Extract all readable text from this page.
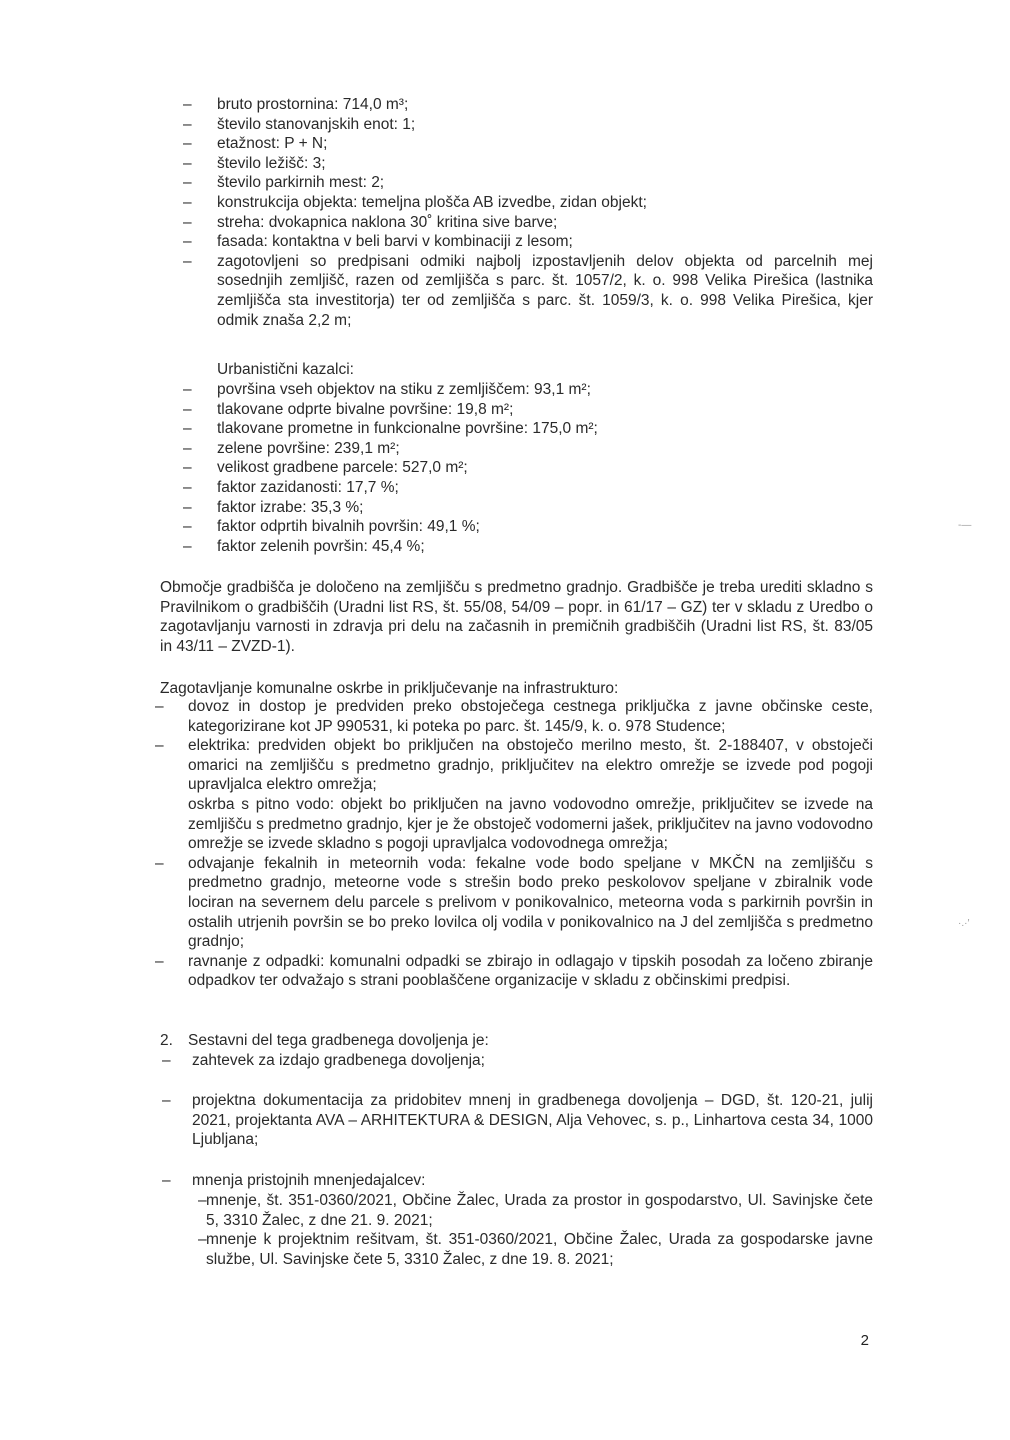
– bruto prostornina: 714,0 m³;
– število stanovanjskih enot: 1;
– etažnost: P + N;
– število ležišč: 3;
– število parkirnih mest: 2;
– konstrukcija objekta: temeljna plošča AB izvedbe, zidan objekt;
– streha: dvokapnica naklona 30˚ kritina sive barve;
– fasada: kontaktna v beli barvi v kombinaciji z lesom;
– zagotovljeni so predpisani odmiki najbolj izpostavljenih delov objekta od parcelnih mej sosednjih zemljišč, razen od zemljišča s parc. št. 1057/2, k. o. 998 Velika Pirešica (lastnika zemljišča sta investitorja) ter od zemljišča s parc. št. 1059/3, k. o. 998 Velika Pirešica, kjer odmik znaša 2,2 m;

Urbanistični kazalci:

– površina vseh objektov na stiku z zemljiščem: 93,1 m²;
– tlakovane odprte bivalne površine: 19,8 m²;
– tlakovane prometne in funkcionalne površine: 175,0 m²;
– zelene površine: 239,1 m²;
– velikost gradbene parcele: 527,0 m²;
– faktor zazidanosti: 17,7 %;
– faktor izrabe: 35,3 %;
– faktor odprtih bivalnih površin: 49,1 %;
– faktor zelenih površin: 45,4 %;

Območje gradbišča je določeno na zemljišču s predmetno gradnjo. Gradbišče je treba urediti skladno s Pravilnikom o gradbiščih (Uradni list RS, št. 55/08, 54/09 – popr. in 61/17 – GZ) ter v skladu z Uredbo o zagotavljanju varnosti in zdravja pri delu na začasnih in premičnih gradbiščih (Uradni list RS, št. 83/05 in 43/11 – ZVZD-1).

Zagotavljanje komunalne oskrbe in priključevanje na infrastrukturo:

– dovoz in dostop je predviden preko obstoječega cestnega priključka z javne občinske ceste, kategorizirane kot JP 990531, ki poteka po parc. št. 145/9, k. o. 978 Studence;
– elektrika: predviden objekt bo priključen na obstoječo merilno mesto, št. 2-188407, v obstoječi omarici na zemljišču s predmetno gradnjo, priključitev na elektro omrežje se izvede pod pogoji upravljalca elektro omrežja;
oskrba s pitno vodo: objekt bo priključen na javno vodovodno omrežje, priključitev se izvede na zemljišču s predmetno gradnjo, kjer je že obstoječ vodomerni jašek, priključitev na javno vodovodno omrežje se izvede skladno s pogoji upravljalca vodovodnega omrežja;
– odvajanje fekalnih in meteornih voda: fekalne vode bodo speljane v MKČN na zemljišču s predmetno gradnjo, meteorne vode s strešin bodo preko peskolovov speljane v zbiralnik vode lociran na severnem delu parcele s prelivom v ponikovalnico, meteorna voda s parkirnih površin in ostalih utrjenih površin se bo preko lovilca olj vodila v ponikovalnico na J del zemljišča s predmetno gradnjo;
– ravnanje z odpadki: komunalni odpadki se zbirajo in odlagajo v tipskih posodah za ločeno zbiranje odpadkov ter odvažajo s strani pooblaščene organizacije v skladu z občinskimi predpisi.

2. Sestavni del tega gradbenega dovoljenja je:

– zahtevek za izdajo gradbenega dovoljenja;
– projektna dokumentacija za pridobitev mnenj in gradbenega dovoljenja – DGD, št. 120-21, julij 2021, projektanta AVA – ARHITEKTURA & DESIGN, Alja Vehovec, s. p., Linhartova cesta 34, 1000 Ljubljana;
– mnenja pristojnih mnenjedajalcev:
– mnenje, št. 351-0360/2021, Občine Žalec, Urada za prostor in gospodarstvo, Ul. Savinjske čete 5, 3310 Žalec, z dne 21. 9. 2021;
– mnenje k projektnim rešitvam, št. 351-0360/2021, Občine Žalec, Urada za gospodarske javne službe, Ul. Savinjske čete 5, 3310 Žalec, z dne 19. 8. 2021;
2
‐—
·.·′
